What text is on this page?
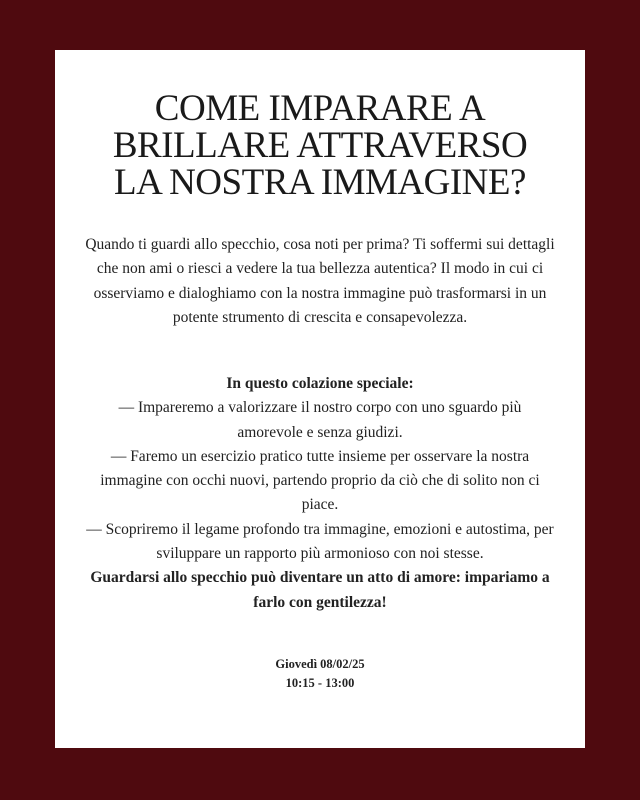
COME IMPARARE A
BRILLARE ATTRAVERSO
LA NOSTRA IMMAGINE?

Quando ti guardi allo specchio, cosa noti per prima? Ti soffermi sui dettagli che non ami o riesci a vedere la tua bellezza autentica? Il modo in cui ci osserviamo e dialoghiamo con la nostra immagine può trasformarsi in un potente strumento di crescita e consapevolezza.

In questo colazione speciale:
— Impareremo a valorizzare il nostro corpo con uno sguardo più amorevole e senza giudizi.
— Faremo un esercizio pratico tutte insieme per osservare la nostra immagine con occhi nuovi, partendo proprio da ciò che di solito non ci piace.
— Scopriremo il legame profondo tra immagine, emozioni e autostima, per sviluppare un rapporto più armonioso con noi stesse.
Guardarsi allo specchio può diventare un atto di amore: impariamo a farlo con gentilezza!
Giovedì 08/02/25
10:15 - 13:00
